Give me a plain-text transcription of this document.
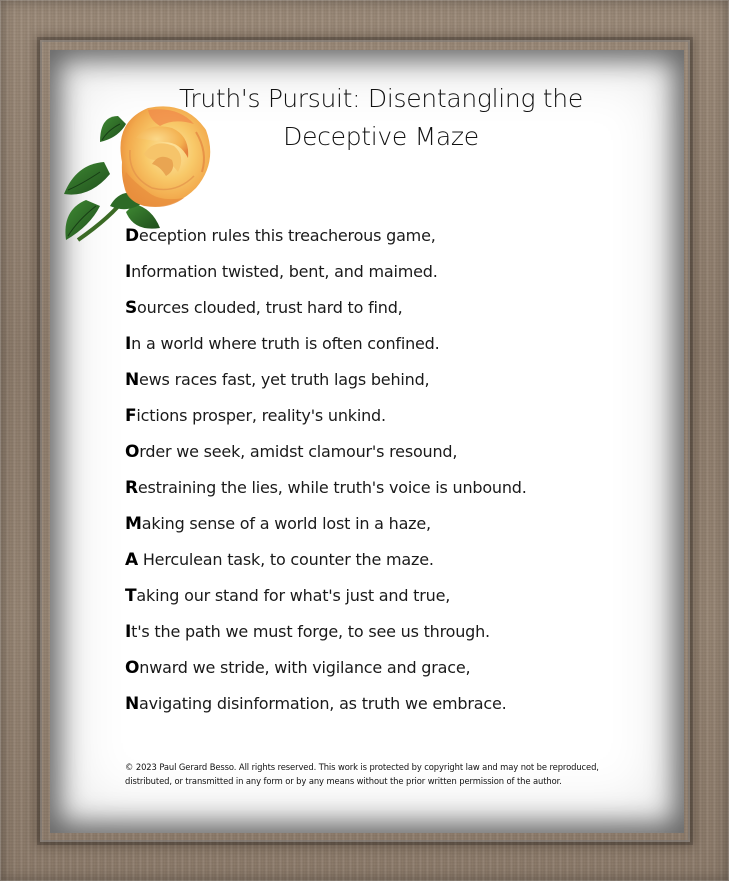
Truth's Pursuit: Disentangling the Deceptive Maze
Deception rules this treacherous game,
Information twisted, bent, and maimed.
Sources clouded, trust hard to find,
In a world where truth is often confined.
News races fast, yet truth lags behind,
Fictions prosper, reality's unkind.
Order we seek, amidst clamour's resound,
Restraining the lies, while truth's voice is unbound.
Making sense of a world lost in a haze,
A Herculean task, to counter the maze.
Taking our stand for what's just and true,
It's the path we must forge, to see us through.
Onward we stride, with vigilance and grace,
Navigating disinformation, as truth we embrace.
© 2023 Paul Gerard Besso. All rights reserved. This work is protected by copyright law and may not be reproduced, distributed, or transmitted in any form or by any means without the prior written permission of the author.
